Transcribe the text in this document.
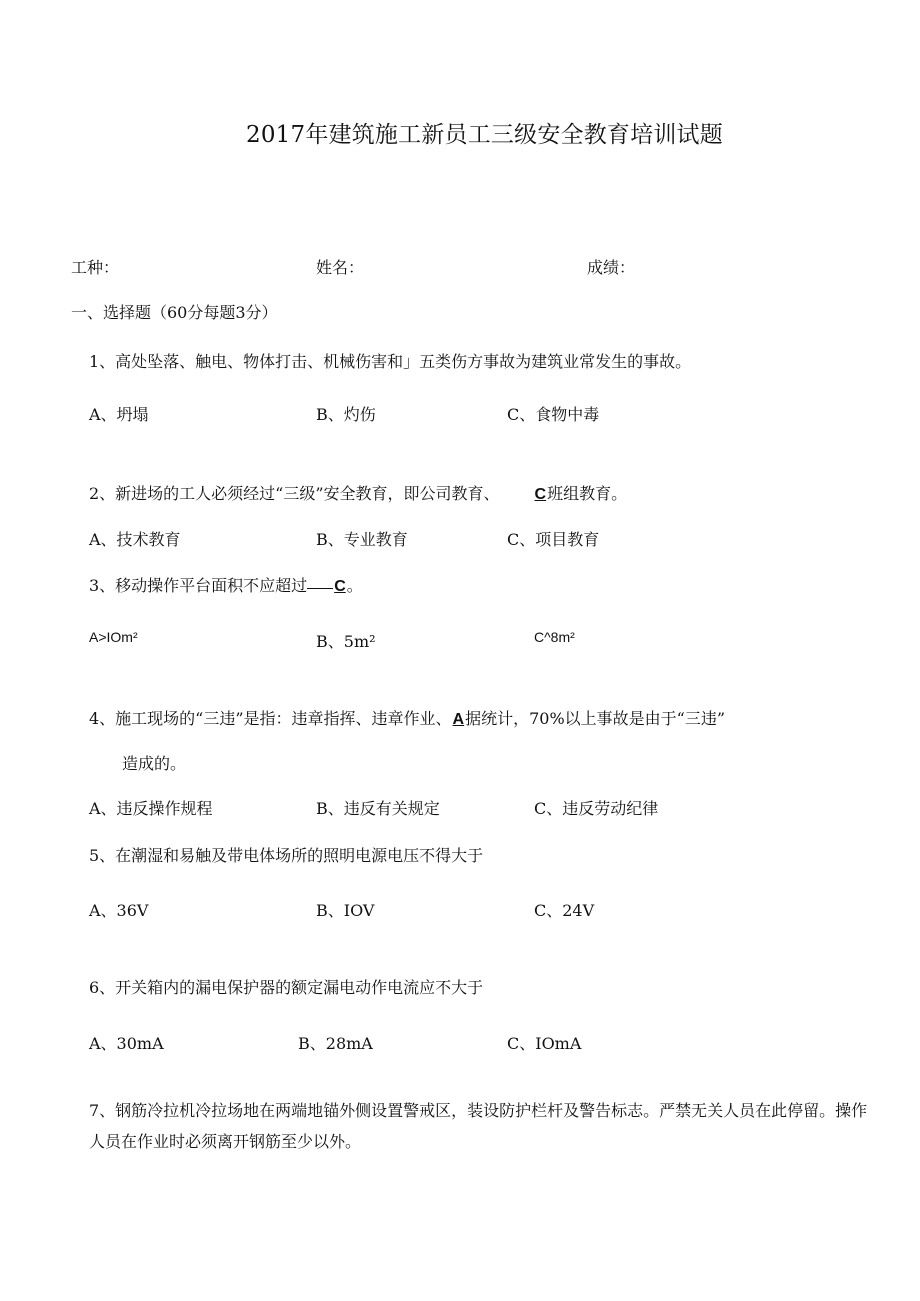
2017年建筑施工新员工三级安全教育培训试题
工种：	姓名：	成绩：
一、选择题（60分每题3分）
1、高处坠落、触电、物体打击、机械伤害和」五类伤方事故为建筑业常发生的事故。
A、坍塌	B、灼伤	C、食物中毒
2、新进场的工人必须经过“三级”安全教育，即公司教育、 C班组教育。
A、技术教育	B、专业教育	C、项目教育
3、移动操作平台面积不应超过 C。
A>IOm²	B、5m²	C^8m²
4、施工现场的“三违”是指：违章指挥、违章作业、A据统计，70%以上事故是由于“三违”
造成的。
A、违反操作规程	B、违反有关规定	C、违反劳动纪律
5、在潮湿和易触及带电体场所的照明电源电压不得大于
A、36V	B、IOV	C、24V
6、开关箱内的漏电保护器的额定漏电动作电流应不大于
A、30mA	B、28mA	C、IOmA
7、钢筋冷拉机冷拉场地在两端地锚外侧设置警戒区，装设防护栏杆及警告标志。严禁无关人员在此停留。操作人员在作业时必须离开钢筋至少以外。
